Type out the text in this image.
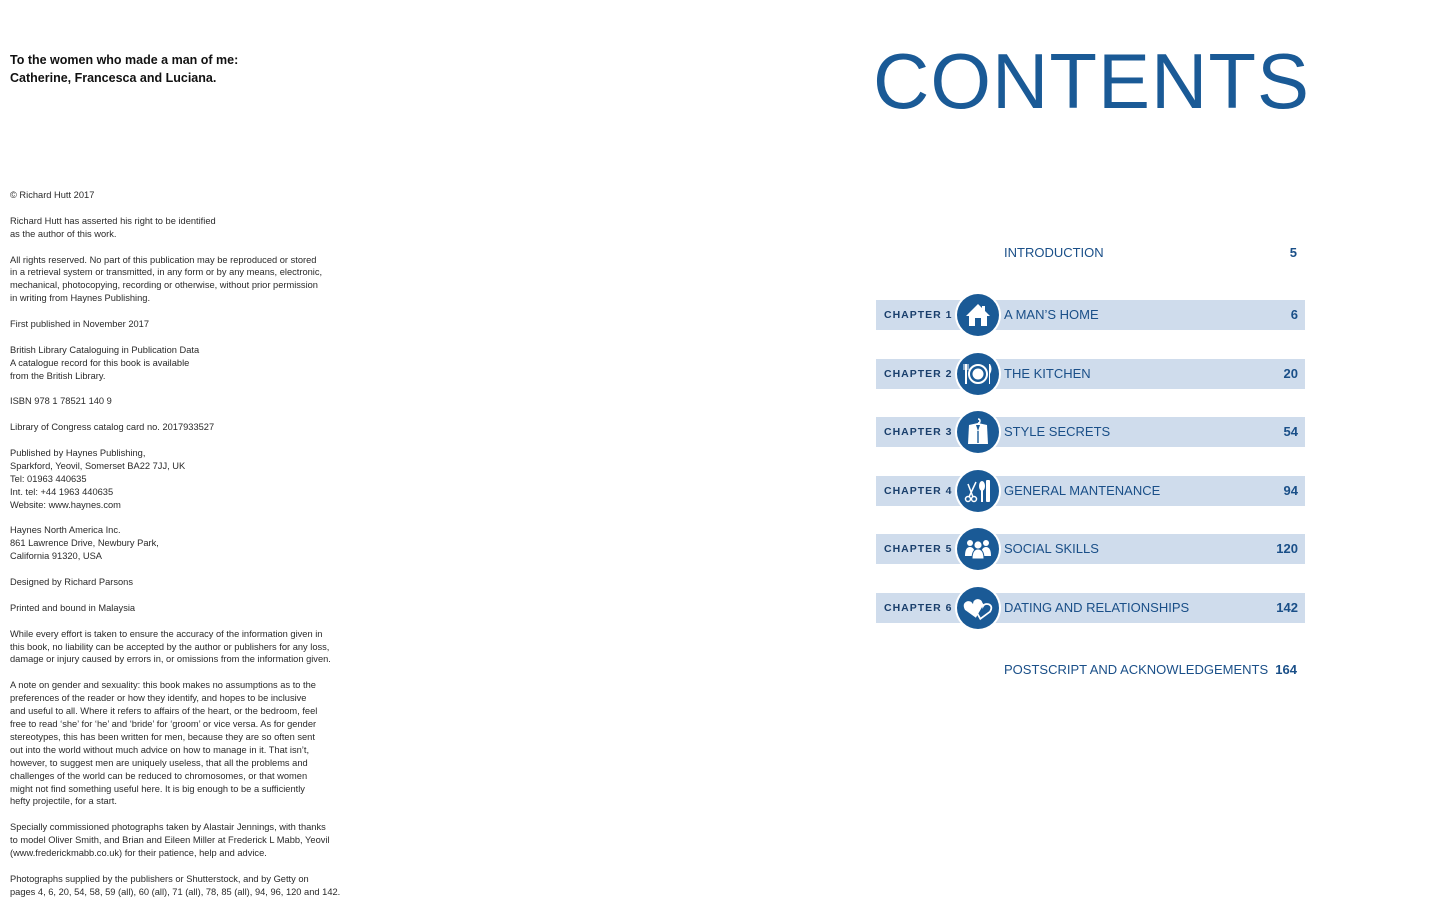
To the women who made a man of me:
Catherine, Francesca and Luciana.
© Richard Hutt 2017
Richard Hutt has asserted his right to be identified
as the author of this work.
All rights reserved. No part of this publication may be reproduced or stored
in a retrieval system or transmitted, in any form or by any means, electronic,
mechanical, photocopying, recording or otherwise, without prior permission
in writing from Haynes Publishing.
First published in November 2017
British Library Cataloguing in Publication Data
A catalogue record for this book is available
from the British Library.
ISBN 978 1 78521 140 9
Library of Congress catalog card no. 2017933527
Published by Haynes Publishing,
Sparkford, Yeovil, Somerset BA22 7JJ, UK
Tel: 01963 440635
Int. tel: +44 1963 440635
Website: www.haynes.com
Haynes North America Inc.
861 Lawrence Drive, Newbury Park,
California 91320, USA
Designed by Richard Parsons
Printed and bound in Malaysia
While every effort is taken to ensure the accuracy of the information given in
this book, no liability can be accepted by the author or publishers for any loss,
damage or injury caused by errors in, or omissions from the information given.
A note on gender and sexuality: this book makes no assumptions as to the
preferences of the reader or how they identify, and hopes to be inclusive
and useful to all. Where it refers to affairs of the heart, or the bedroom, feel
free to read ‘she’ for ‘he’ and ‘bride’ for ‘groom’ or vice versa. As for gender
stereotypes, this has been written for men, because they are so often sent
out into the world without much advice on how to manage in it. That isn’t,
however, to suggest men are uniquely useless, that all the problems and
challenges of the world can be reduced to chromosomes, or that women
might not find something useful here. It is big enough to be a sufficiently
hefty projectile, for a start.
Specially commissioned photographs taken by Alastair Jennings, with thanks
to model Oliver Smith, and Brian and Eileen Miller at Frederick L Mabb, Yeovil
(www.frederickmabb.co.uk) for their patience, help and advice.
Photographs supplied by the publishers or Shutterstock, and by Getty on
pages 4, 6, 20, 54, 58, 59 (all), 60 (all), 71 (all), 78, 85 (all), 94, 96, 120 and 142.
CONTENTS
INTRODUCTION	5
CHAPTER 1	A MAN’S HOME	6
CHAPTER 2	THE KITCHEN	20
CHAPTER 3	STYLE SECRETS	54
CHAPTER 4	GENERAL MANTENANCE	94
CHAPTER 5	SOCIAL SKILLS	120
CHAPTER 6	DATING AND RELATIONSHIPS	142
POSTSCRIPT AND ACKNOWLEDGEMENTS 164
